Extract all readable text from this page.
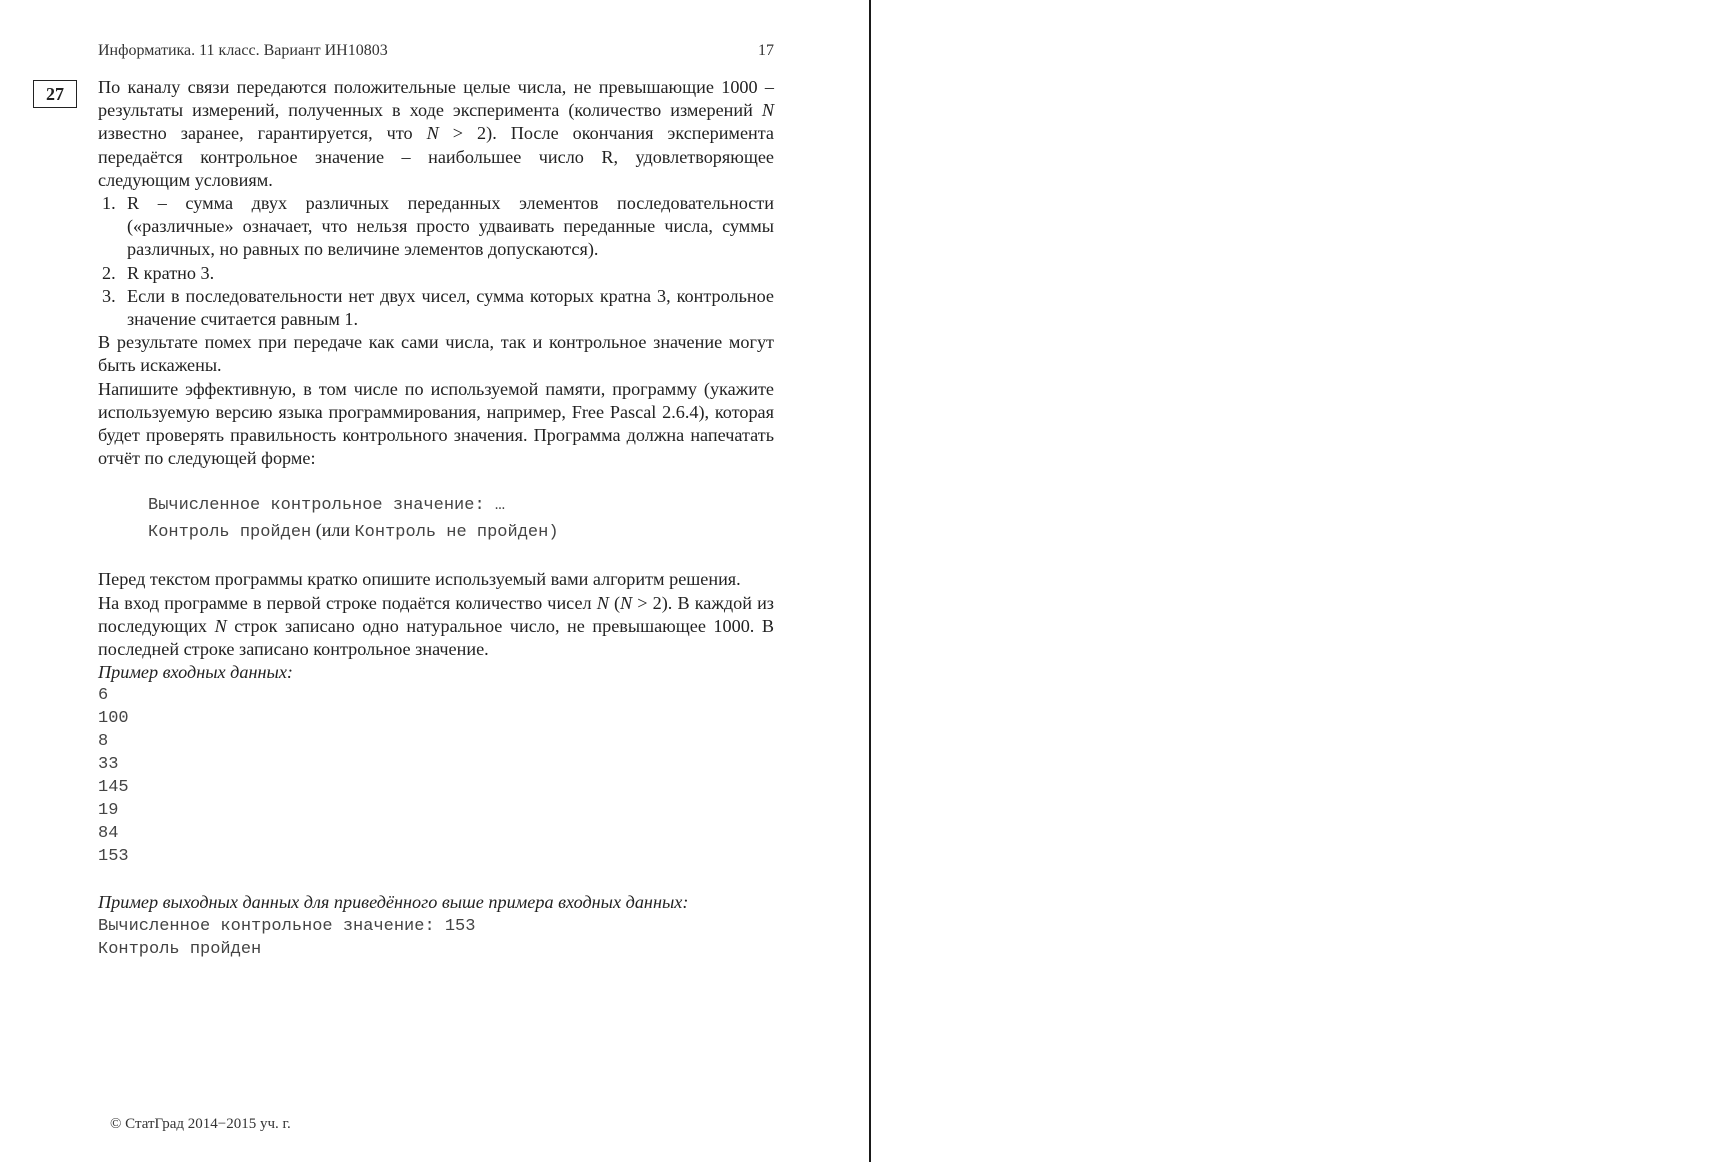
Информатика. 11 класс. Вариант ИН10803	17
27	По каналу связи передаются положительные целые числа, не превышающие 1000 – результаты измерений, полученных в ходе эксперимента (количество измерений N известно заранее, гарантируется, что N > 2). После окончания эксперимента передаётся контрольное значение – наибольшее число R, удовлетворяющее следующим условиям.

1. R – сумма двух различных переданных элементов последовательности («различные» означает, что нельзя просто удваивать переданные числа, суммы различных, но равных по величине элементов допускаются).
2. R кратно 3.
3. Если в последовательности нет двух чисел, сумма которых кратна 3, контрольное значение считается равным 1.

В результате помех при передаче как сами числа, так и контрольное значение могут быть искажены.

Напишите эффективную, в том числе по используемой памяти, программу (укажите используемую версию языка программирования, например, Free Pascal 2.6.4), которая будет проверять правильность контрольного значения. Программа должна напечатать отчёт по следующей форме:

Вычисленное контрольное значение: …
Контроль пройден (или Контроль не пройден)

Перед текстом программы кратко опишите используемый вами алгоритм решения.

На вход программе в первой строке подаётся количество чисел N (N > 2). В каждой из последующих N строк записано одно натуральное число, не превышающее 1000. В последней строке записано контрольное значение.

Пример входных данных:

6
100
8
33
145
19
84
153

Пример выходных данных для приведённого выше примера входных данных:

Вычисленное контрольное значение: 153
Контроль пройден
© СтатГрад 2014−2015 уч. г.
